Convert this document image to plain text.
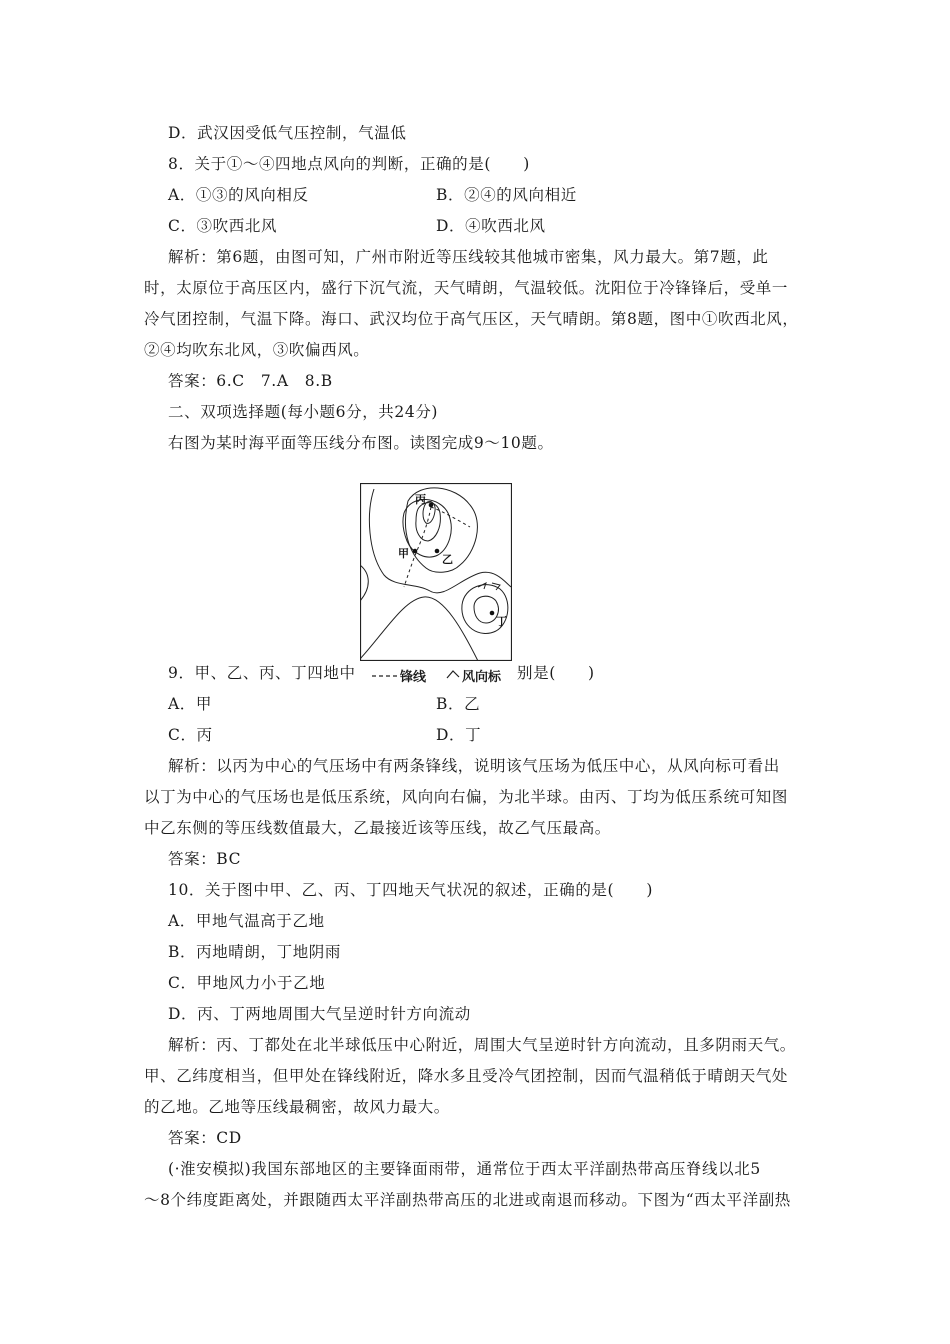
D．武汉因受低气压控制，气温低
8．关于①～④四地点风向的判断，正确的是(　　)
A．①③的风向相反	B．②④的风向相近
C．③吹西北风	D．④吹西北风
解析：第6题，由图可知，广州市附近等压线较其他城市密集，风力最大。第7题，此
时，太原位于高压区内，盛行下沉气流，天气晴朗，气温较低。沈阳位于冷锋锋后，受单一
冷气团控制，气温下降。海口、武汉均位于高气压区，天气晴朗。第8题，图中①吹西北风，
②④均吹东北风，③吹偏西风。
答案：6.C　7.A　8.B
二、双项选择题(每小题6分，共24分)
右图为某时海平面等压线分布图。读图完成9～10题。
丙
甲	乙
丁
锋线	风向标
9．甲、乙、丙、丁四地中	别是(　　)
A．甲	B．乙
C．丙	D．丁
解析：以丙为中心的气压场中有两条锋线，说明该气压场为低压中心，从风向标可看出
以丁为中心的气压场也是低压系统，风向向右偏，为北半球。由丙、丁均为低压系统可知图
中乙东侧的等压线数值最大，乙最接近该等压线，故乙气压最高。
答案：BC
10．关于图中甲、乙、丙、丁四地天气状况的叙述，正确的是(　　)
A．甲地气温高于乙地
B．丙地晴朗，丁地阴雨
C．甲地风力小于乙地
D．丙、丁两地周围大气呈逆时针方向流动
解析：丙、丁都处在北半球低压中心附近，周围大气呈逆时针方向流动，且多阴雨天气。
甲、乙纬度相当，但甲处在锋线附近，降水多且受冷气团控制，因而气温稍低于晴朗天气处
的乙地。乙地等压线最稠密，故风力最大。
答案：CD
(·淮安模拟)我国东部地区的主要锋面雨带，通常位于西太平洋副热带高压脊线以北5
～8个纬度距离处，并跟随西太平洋副热带高压的北进或南退而移动。下图为“西太平洋副热
